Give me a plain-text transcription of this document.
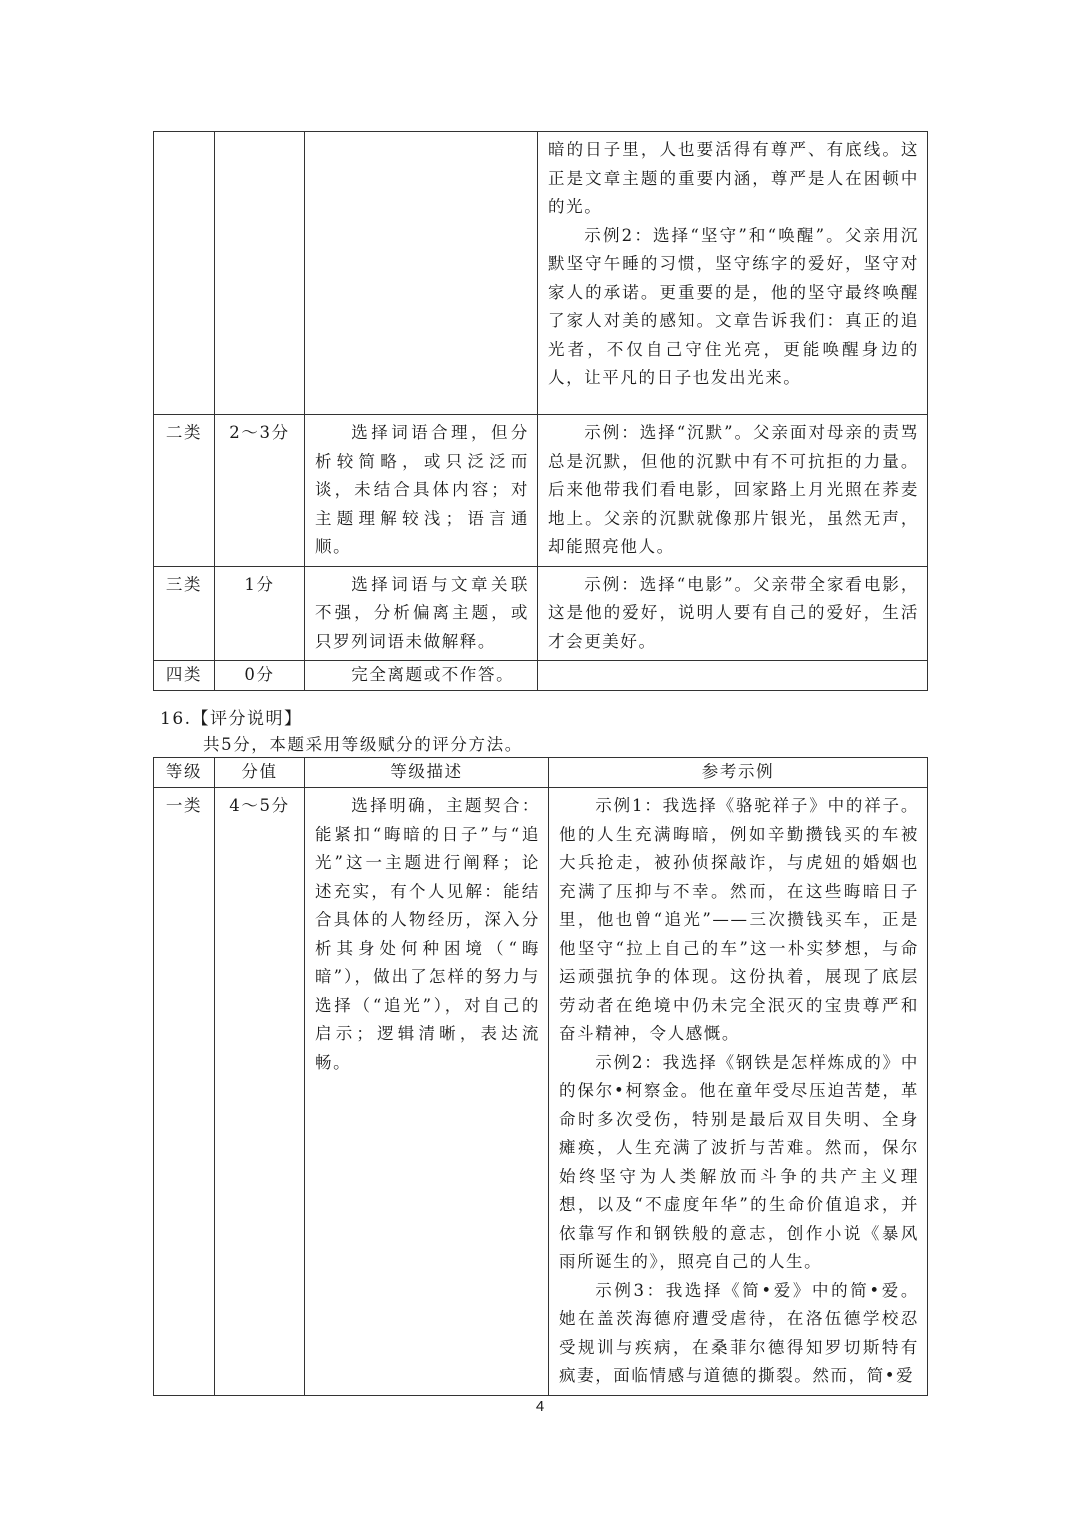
			暗的日子里，人也要活得有尊严、有底线。这正是文章主题的重要内涵，尊严是人在困顿中的光。

示例2：选择“坚守”和“唤醒”。父亲用沉默坚守午睡的习惯，坚守练字的爱好，坚守对家人的承诺。更重要的是，他的坚守最终唤醒了家人对美的感知。文章告诉我们：真正的追光者，不仅自己守住光亮，更能唤醒身边的人，让平凡的日子也发出光来。

二类	2～3分	选择词语合理，但分析较简略，或只泛泛而谈，未结合具体内容；对主题理解较浅；语言通顺。	示例：选择“沉默”。父亲面对母亲的责骂总是沉默，但他的沉默中有不可抗拒的力量。后来他带我们看电影，回家路上月光照在荞麦地上。父亲的沉默就像那片银光，虽然无声，却能照亮他人。

三类	1分	选择词语与文章关联不强，分析偏离主题，或只罗列词语未做解释。	示例：选择“电影”。父亲带全家看电影，这是他的爱好，说明人要有自己的爱好，生活才会更美好。

四类	0分	完全离题或不作答。	

16.【评分说明】
共5分，本题采用等级赋分的评分方法。
等级	分值	等级描述	参考示例
一类	4～5分	选择明确，主题契合：能紧扣“晦暗的日子”与“追光”这一主题进行阐释；论述充实，有个人见解：能结合具体的人物经历，深入分析其身处何种困境（“晦暗”），做出了怎样的努力与选择（“追光”），对自己的启示；逻辑清晰，表达流畅。	示例1：我选择《骆驼祥子》中的祥子。他的人生充满晦暗，例如辛勤攒钱买的车被大兵抢走，被孙侦探敲诈，与虎妞的婚姻也充满了压抑与不幸。然而，在这些晦暗日子里，他也曾“追光”——三次攒钱买车，正是他坚守“拉上自己的车”这一朴实梦想，与命运顽强抗争的体现。这份执着，展现了底层劳动者在绝境中仍未完全泯灭的宝贵尊严和奋斗精神，令人感慨。

示例2：我选择《钢铁是怎样炼成的》中的保尔•柯察金。他在童年受尽压迫苦楚，革命时多次受伤，特别是最后双目失明、全身瘫痪，人生充满了波折与苦难。然而，保尔始终坚守为人类解放而斗争的共产主义理想，以及“不虚度年华”的生命价值追求，并依靠写作和钢铁般的意志，创作小说《暴风雨所诞生的》，照亮自己的人生。

示例3：我选择《简•爱》中的简•爱。她在盖茨海德府遭受虐待，在洛伍德学校忍受规训与疾病，在桑菲尔德得知罗切斯特有疯妻，面临情感与道德的撕裂。然而，简•爱

4
